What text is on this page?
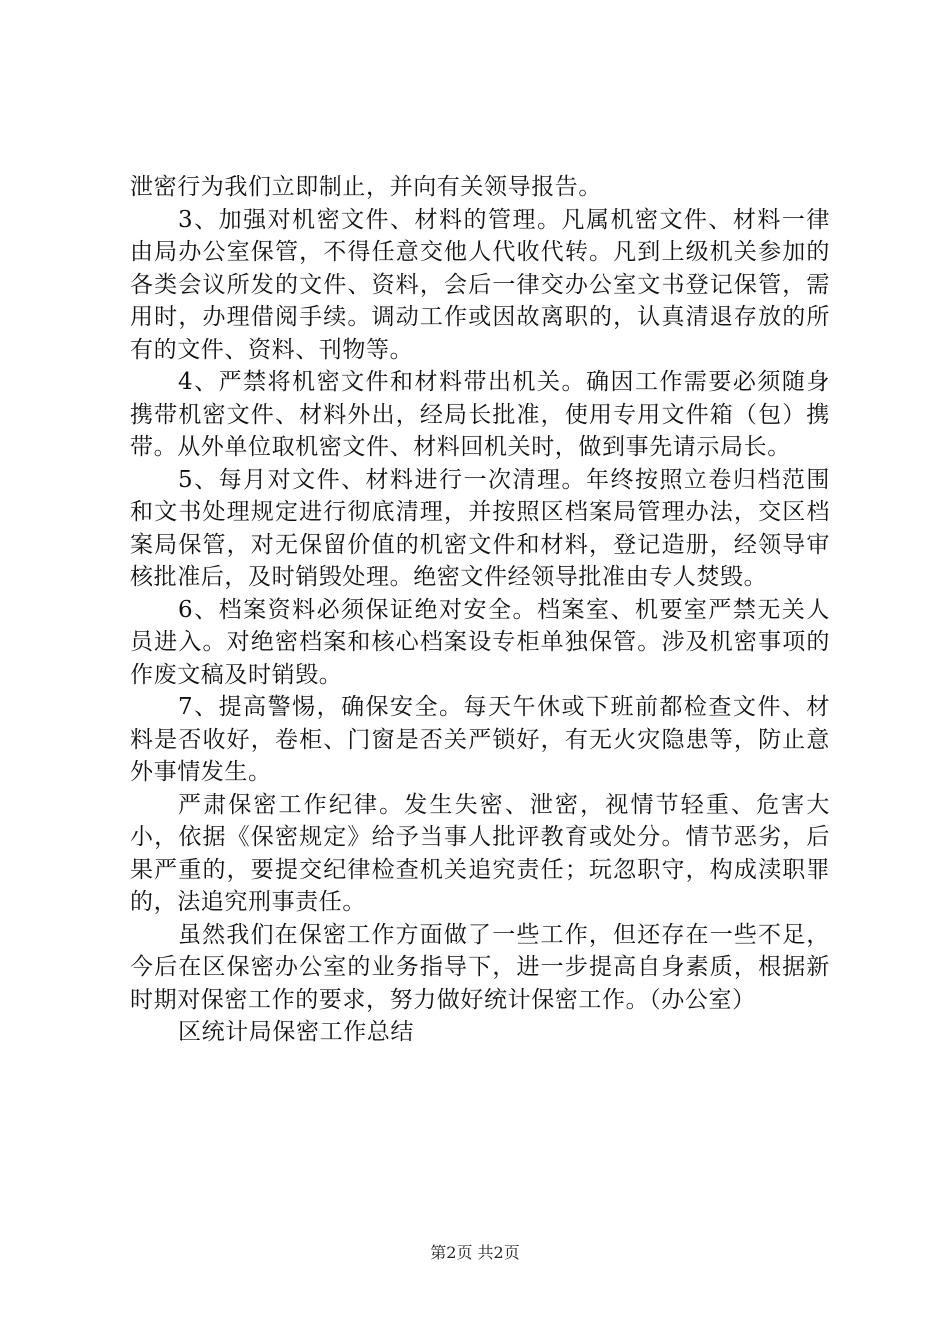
泄密行为我们立即制止，并向有关领导报告。

3、加强对机密文件、材料的管理。凡属机密文件、材料一律由局办公室保管，不得任意交他人代收代转。凡到上级机关参加的各类会议所发的文件、资料，会后一律交办公室文书登记保管，需用时，办理借阅手续。调动工作或因故离职的，认真清退存放的所有的文件、资料、刊物等。

4、严禁将机密文件和材料带出机关。确因工作需要必须随身携带机密文件、材料外出，经局长批准，使用专用文件箱（包）携带。从外单位取机密文件、材料回机关时，做到事先请示局长。

5、每月对文件、材料进行一次清理。年终按照立卷归档范围和文书处理规定进行彻底清理，并按照区档案局管理办法，交区档案局保管，对无保留价值的机密文件和材料，登记造册，经领导审核批准后，及时销毁处理。绝密文件经领导批准由专人焚毁。

6、档案资料必须保证绝对安全。档案室、机要室严禁无关人员进入。对绝密档案和核心档案设专柜单独保管。涉及机密事项的作废文稿及时销毁。

7、提高警惕，确保安全。每天午休或下班前都检查文件、材料是否收好，卷柜、门窗是否关严锁好，有无火灾隐患等，防止意外事情发生。

严肃保密工作纪律。发生失密、泄密，视情节轻重、危害大小，依据《保密规定》给予当事人批评教育或处分。情节恶劣，后果严重的，要提交纪律检查机关追究责任；玩忽职守，构成渎职罪的，法追究刑事责任。

虽然我们在保密工作方面做了一些工作，但还存在一些不足，今后在区保密办公室的业务指导下，进一步提高自身素质，根据新时期对保密工作的要求，努力做好统计保密工作。（办公室）

区统计局保密工作总结

第2页 共2页
